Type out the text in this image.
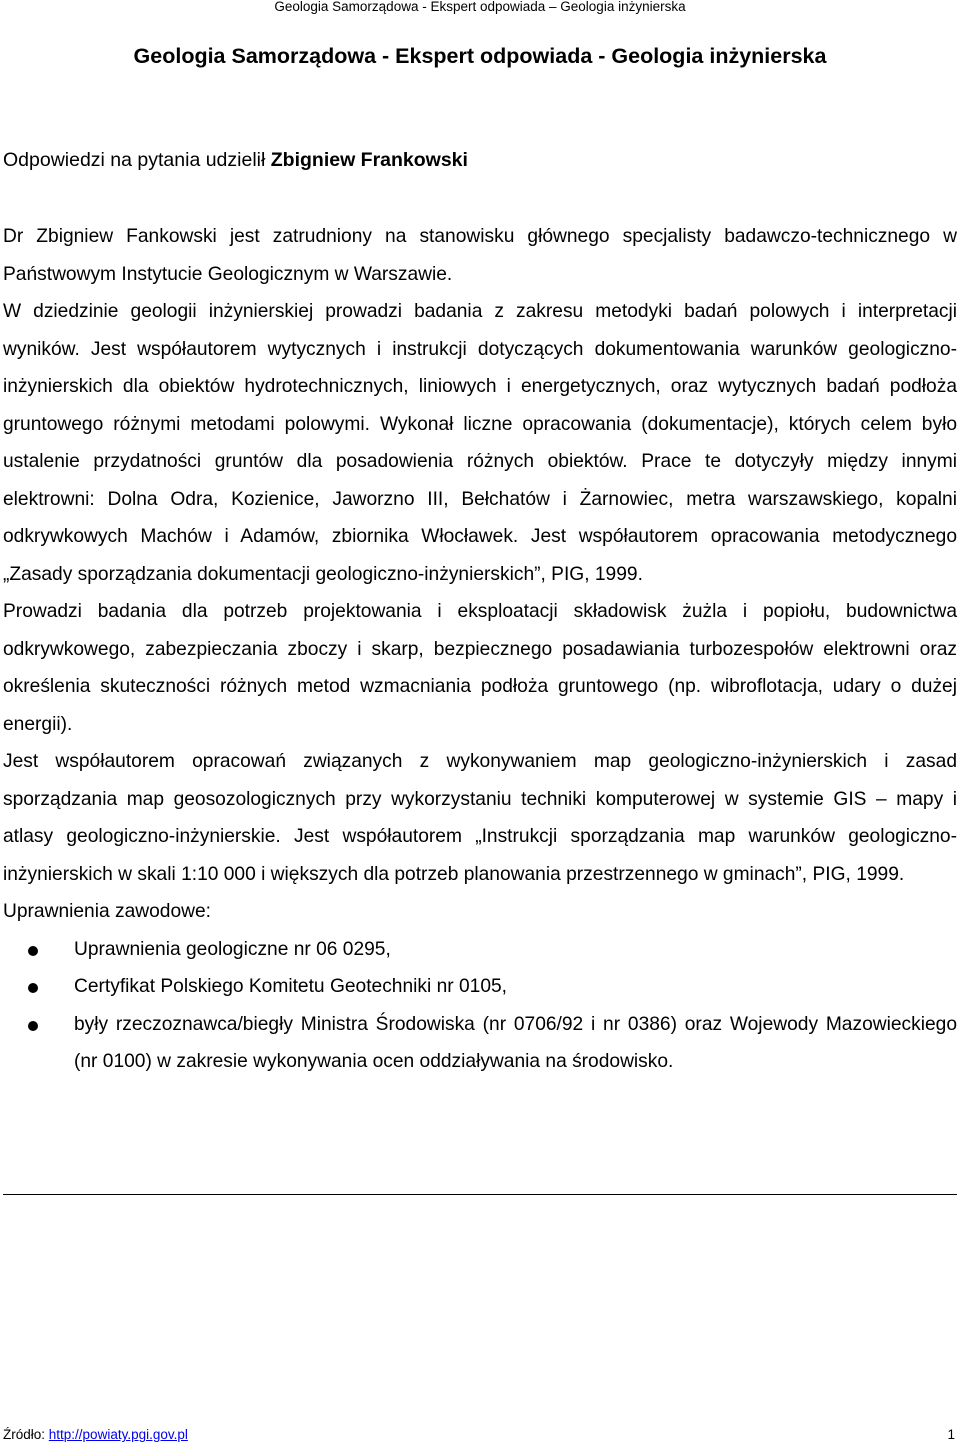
Geologia Samorządowa - Ekspert odpowiada – Geologia inżynierska
Geologia Samorządowa - Ekspert odpowiada - Geologia inżynierska

Odpowiedzi na pytania udzielił Zbigniew Frankowski

Dr Zbigniew Fankowski jest zatrudniony na stanowisku głównego specjalisty badawczo-technicznego w Państwowym Instytucie Geologicznym w Warszawie.

W dziedzinie geologii inżynierskiej prowadzi badania z zakresu metodyki badań polowych i interpretacji wyników. Jest współautorem wytycznych i instrukcji dotyczących dokumentowania warunków geologiczno-inżynierskich dla obiektów hydrotechnicznych, liniowych i energetycznych, oraz wytycznych badań podłoża gruntowego różnymi metodami polowymi. Wykonał liczne opracowania (dokumentacje), których celem było ustalenie przydatności gruntów dla posadowienia różnych obiektów. Prace te dotyczyły między innymi elektrowni: Dolna Odra, Kozienice, Jaworzno III, Bełchatów i Żarnowiec, metra warszawskiego, kopalni odkrywkowych Machów i Adamów, zbiornika Włocławek. Jest współautorem opracowania metodycznego „Zasady sporządzania dokumentacji geologiczno-inżynierskich”, PIG, 1999.

Prowadzi badania dla potrzeb projektowania i eksploatacji składowisk żużla i popiołu, budownictwa odkrywkowego, zabezpieczania zboczy i skarp, bezpiecznego posadawiania turbozespołów elektrowni oraz określenia skuteczności różnych metod wzmacniania podłoża gruntowego (np. wibroflotacja, udary o dużej energii).

Jest współautorem opracowań związanych z wykonywaniem map geologiczno-inżynierskich i zasad sporządzania map geosozologicznych przy wykorzystaniu techniki komputerowej w systemie GIS – mapy i atlasy geologiczno-inżynierskie. Jest współautorem „Instrukcji sporządzania map warunków geologiczno-inżynierskich w skali 1:10 000 i większych dla potrzeb planowania przestrzennego w gminach”, PIG, 1999.

Uprawnienia zawodowe:

Uprawnienia geologiczne nr 06 0295,
Certyfikat Polskiego Komitetu Geotechniki nr 0105,
były rzeczoznawca/biegły Ministra Środowiska (nr 0706/92 i nr 0386) oraz Wojewody Mazowieckiego (nr 0100) w zakresie wykonywania ocen oddziaływania na środowisko.
Źródło: http://powiaty.pgi.gov.pl	1
